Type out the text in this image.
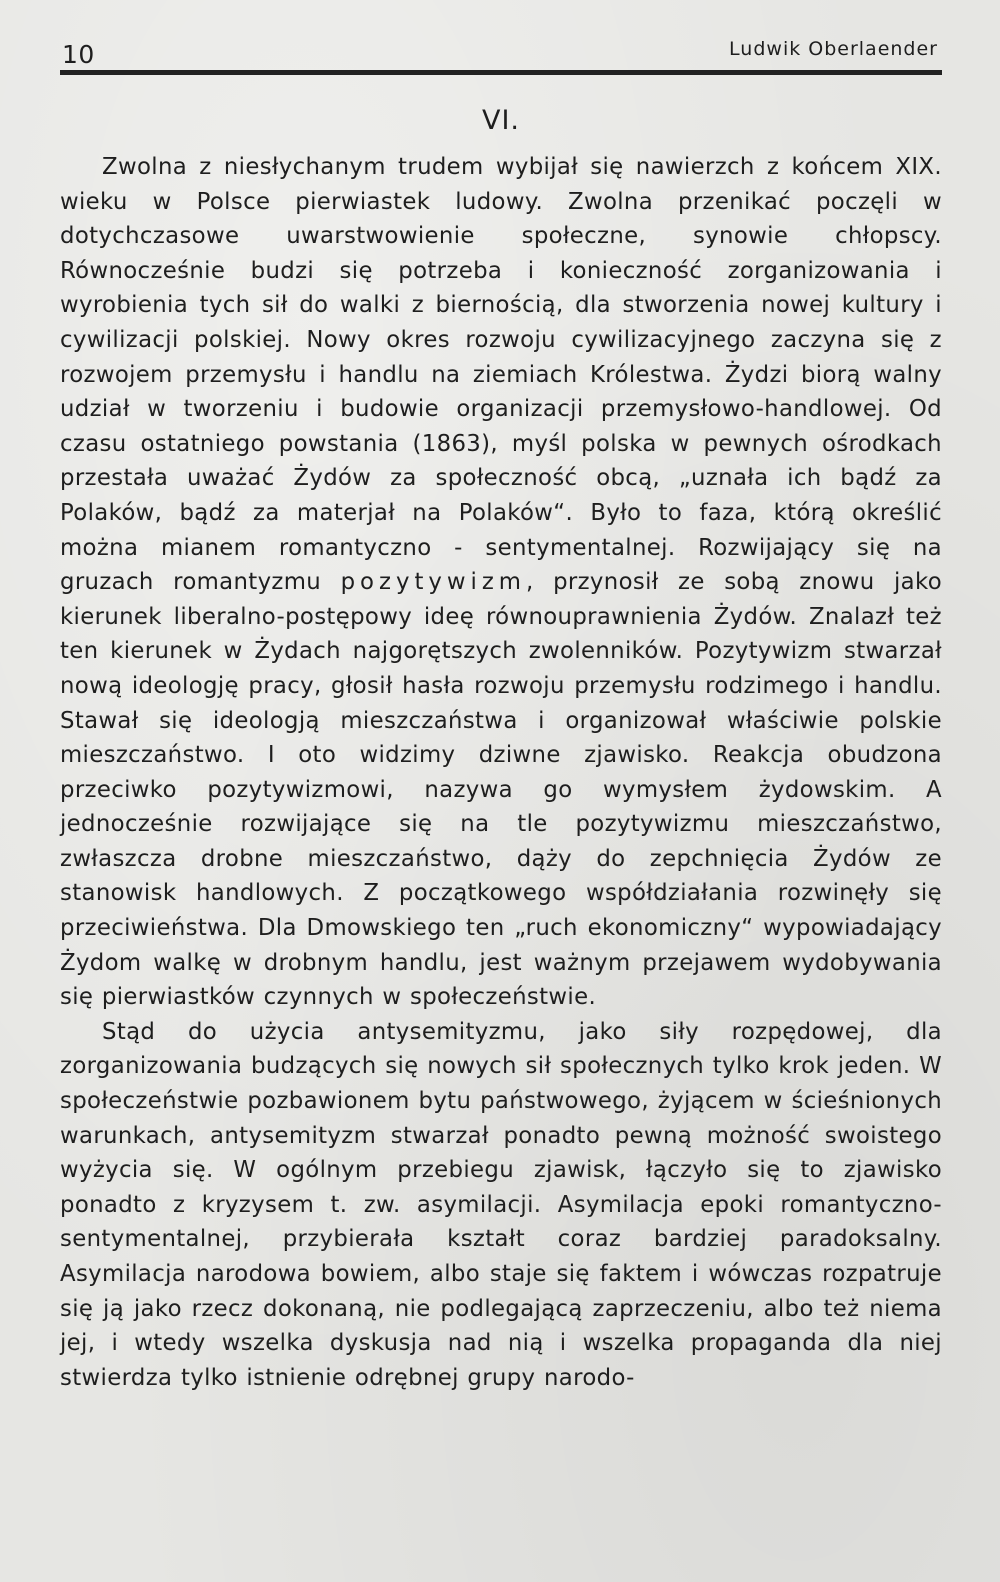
10	Ludwik Oberlaender
VI.

Zwolna z niesłychanym trudem wybijał się nawierzch z końcem XIX. wieku w Polsce pierwiastek ludowy. Zwolna przenikać poczęli w dotychczasowe uwarstwowienie społeczne, synowie chłopscy. Równocześnie budzi się potrzeba i konieczność zorganizowania i wyrobienia tych sił do walki z biernością, dla stworzenia nowej kultury i cywilizacji polskiej. Nowy okres rozwoju cywilizacyjnego zaczyna się z rozwojem przemysłu i handlu na ziemiach Królestwa. Żydzi biorą walny udział w tworzeniu i budowie organizacji przemysłowo-handlowej. Od czasu ostatniego powstania (1863), myśl polska w pewnych ośrodkach przestała uważać Żydów za społeczność obcą, „uznała ich bądź za Polaków, bądź za materjał na Polaków“. Było to faza, którą określić można mianem romantyczno - sentymentalnej. Rozwijający się na gruzach romantyzmu pozytywizm, przynosił ze sobą znowu jako kierunek liberalno-postępowy ideę równouprawnienia Żydów. Znalazł też ten kierunek w Żydach najgorętszych zwolenników. Pozytywizm stwarzał nową ideologję pracy, głosił hasła rozwoju przemysłu rodzimego i handlu. Stawał się ideologją mieszczaństwa i organizował właściwie polskie mieszczaństwo. I oto widzimy dziwne zjawisko. Reakcja obudzona przeciwko pozytywizmowi, nazywa go wymysłem żydowskim. A jednocześnie rozwijające się na tle pozytywizmu mieszczaństwo, zwłaszcza drobne mieszczaństwo, dąży do zepchnięcia Żydów ze stanowisk handlowych. Z początkowego współdziałania rozwinęły się przeciwieństwa. Dla Dmowskiego ten „ruch ekonomiczny“ wypowiadający Żydom walkę w drobnym handlu, jest ważnym przejawem wydobywania się pierwiastków czynnych w społeczeństwie.

Stąd do użycia antysemityzmu, jako siły rozpędowej, dla zorganizowania budzących się nowych sił społecznych tylko krok jeden. W społeczeństwie pozbawionem bytu państwowego, żyjącem w ścieśnionych warunkach, antysemityzm stwarzał ponadto pewną możność swoistego wyżycia się. W ogólnym przebiegu zjawisk, łączyło się to zjawisko ponadto z kryzysem t. zw. asymilacji. Asymilacja epoki romantyczno-sentymentalnej, przybierała kształt coraz bardziej paradoksalny. Asymilacja narodowa bowiem, albo staje się faktem i wówczas rozpatruje się ją jako rzecz dokonaną, nie podlegającą zaprzeczeniu, albo też niema jej, i wtedy wszelka dyskusja nad nią i wszelka propaganda dla niej stwierdza tylko istnienie odrębnej grupy narodo-
